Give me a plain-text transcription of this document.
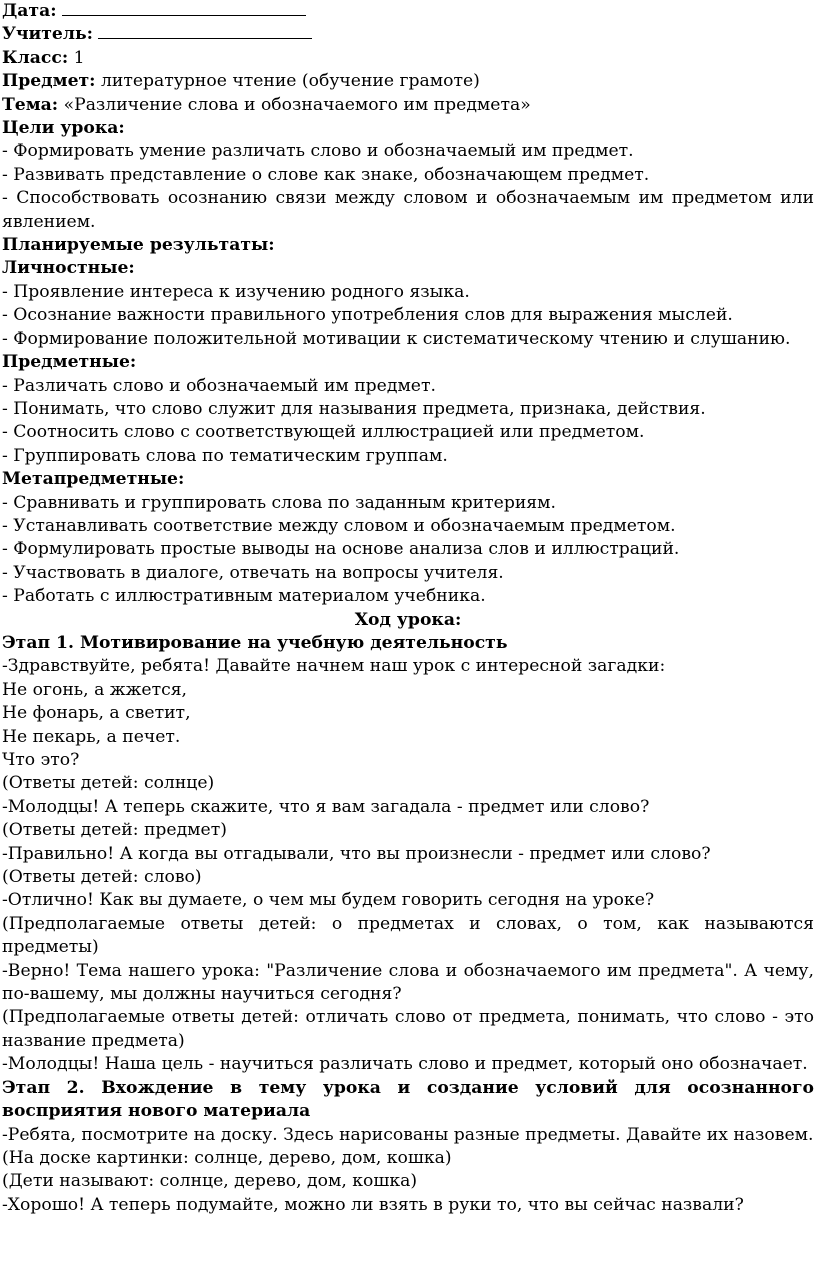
Дата:
Учитель:
Класс: 1
Предмет: литературное чтение (обучение грамоте)
Тема: «Различение слова и обозначаемого им предмета»
Цели урока:
- Формировать умение различать слово и обозначаемый им предмет.
- Развивать представление о слове как знаке, обозначающем предмет.
- Способствовать осознанию связи между словом и обозначаемым им предметом или явлением.
Планируемые результаты:
Личностные:
- Проявление интереса к изучению родного языка.
- Осознание важности правильного употребления слов для выражения мыслей.
- Формирование положительной мотивации к систематическому чтению и слушанию.
Предметные:
- Различать слово и обозначаемый им предмет.
- Понимать, что слово служит для называния предмета, признака, действия.
- Соотносить слово с соответствующей иллюстрацией или предметом.
- Группировать слова по тематическим группам.
Метапредметные:
- Сравнивать и группировать слова по заданным критериям.
- Устанавливать соответствие между словом и обозначаемым предметом.
- Формулировать простые выводы на основе анализа слов и иллюстраций.
- Участвовать в диалоге, отвечать на вопросы учителя.
- Работать с иллюстративным материалом учебника.
Ход урока:
Этап 1. Мотивирование на учебную деятельность
-Здравствуйте, ребята! Давайте начнем наш урок с интересной загадки:
Не огонь, а жжется,
Не фонарь, а светит,
Не пекарь, а печет.
Что это?
(Ответы детей: солнце)
-Молодцы! А теперь скажите, что я вам загадала - предмет или слово?
(Ответы детей: предмет)
-Правильно! А когда вы отгадывали, что вы произнесли - предмет или слово?
(Ответы детей: слово)
-Отлично! Как вы думаете, о чем мы будем говорить сегодня на уроке?
(Предполагаемые ответы детей: о предметах и словах, о том, как называются предметы)
-Верно! Тема нашего урока: "Различение слова и обозначаемого им предмета". А чему, по-вашему, мы должны научиться сегодня?
(Предполагаемые ответы детей: отличать слово от предмета, понимать, что слово - это название предмета)
-Молодцы! Наша цель - научиться различать слово и предмет, который оно обозначает.
Этап 2. Вхождение в тему урока и создание условий для осознанного восприятия нового материала
-Ребята, посмотрите на доску. Здесь нарисованы разные предметы. Давайте их назовем.
(На доске картинки: солнце, дерево, дом, кошка)
(Дети называют: солнце, дерево, дом, кошка)
-Хорошо! А теперь подумайте, можно ли взять в руки то, что вы сейчас назвали?
